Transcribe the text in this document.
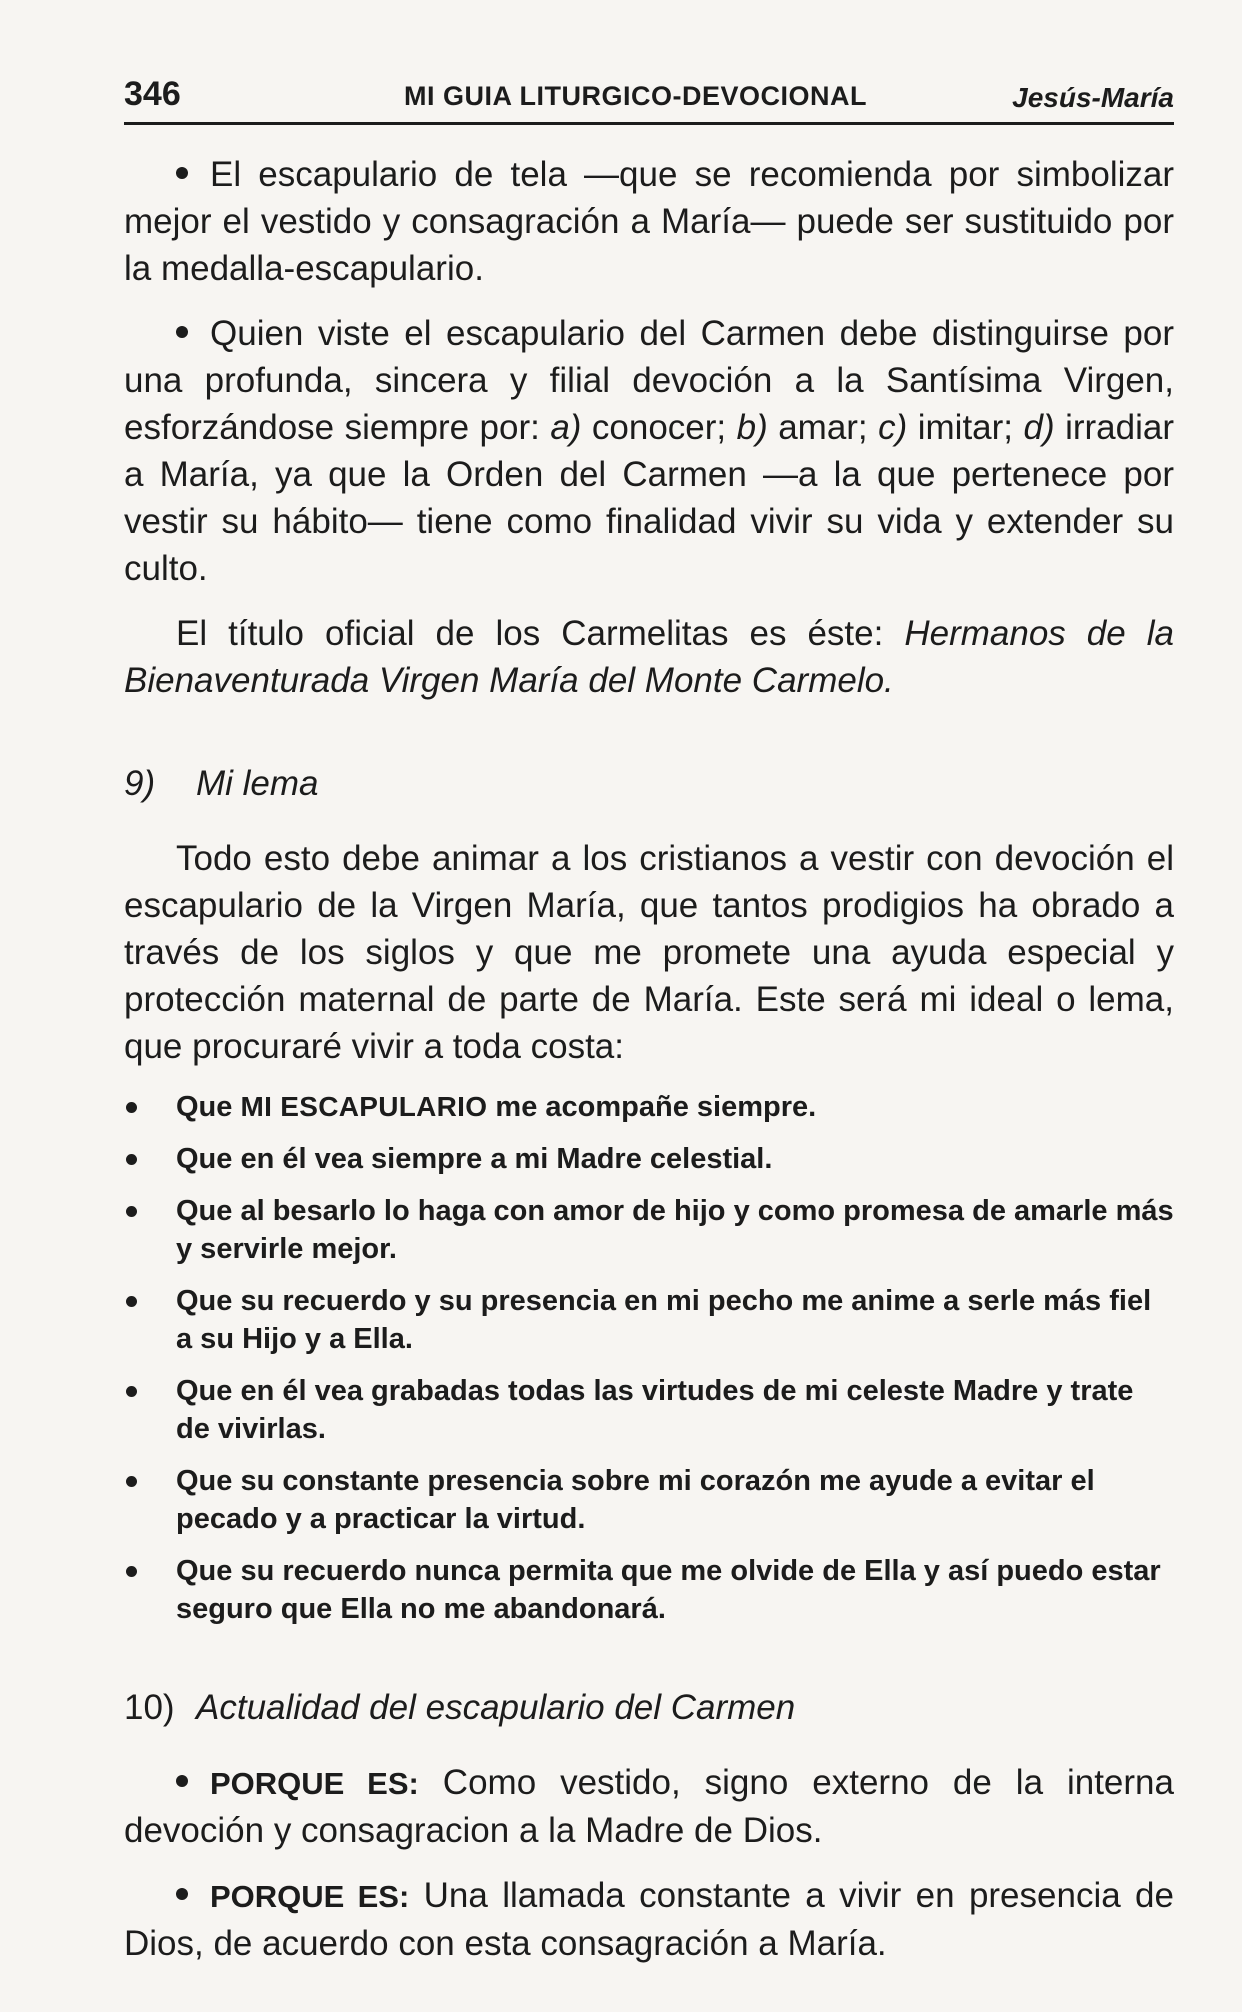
346	MI GUIA LITURGICO-DEVOCIONAL	Jesús-María

El escapulario de tela —que se recomienda por simbolizar mejor el vestido y consagración a María— puede ser sustituido por la medalla-escapulario.

Quien viste el escapulario del Carmen debe distinguirse por una profunda, sincera y filial devoción a la Santísima Virgen, esforzándose siempre por: a) conocer; b) amar; c) imitar; d) irradiar a María, ya que la Orden del Carmen —a la que pertenece por vestir su hábito— tiene como finalidad vivir su vida y extender su culto.

El título oficial de los Carmelitas es éste: Hermanos de la Bienaventurada Virgen María del Monte Carmelo.

9) Mi lema

Todo esto debe animar a los cristianos a vestir con devoción el escapulario de la Virgen María, que tantos prodigios ha obrado a través de los siglos y que me promete una ayuda especial y protección maternal de parte de María. Este será mi ideal o lema, que procuraré vivir a toda costa:

Que MI ESCAPULARIO me acompañe siempre.
Que en él vea siempre a mi Madre celestial.
Que al besarlo lo haga con amor de hijo y como promesa de amarle más y servirle mejor.
Que su recuerdo y su presencia en mi pecho me anime a serle más fiel a su Hijo y a Ella.
Que en él vea grabadas todas las virtudes de mi celeste Madre y trate de vivirlas.
Que su constante presencia sobre mi corazón me ayude a evitar el pecado y a practicar la virtud.
Que su recuerdo nunca permita que me olvide de Ella y así puedo estar seguro que Ella no me abandonará.
10) Actualidad del escapulario del Carmen

PORQUE ES: Como vestido, signo externo de la interna devoción y consagracion a la Madre de Dios.

PORQUE ES: Una llamada constante a vivir en presencia de Dios, de acuerdo con esta consagración a María.
